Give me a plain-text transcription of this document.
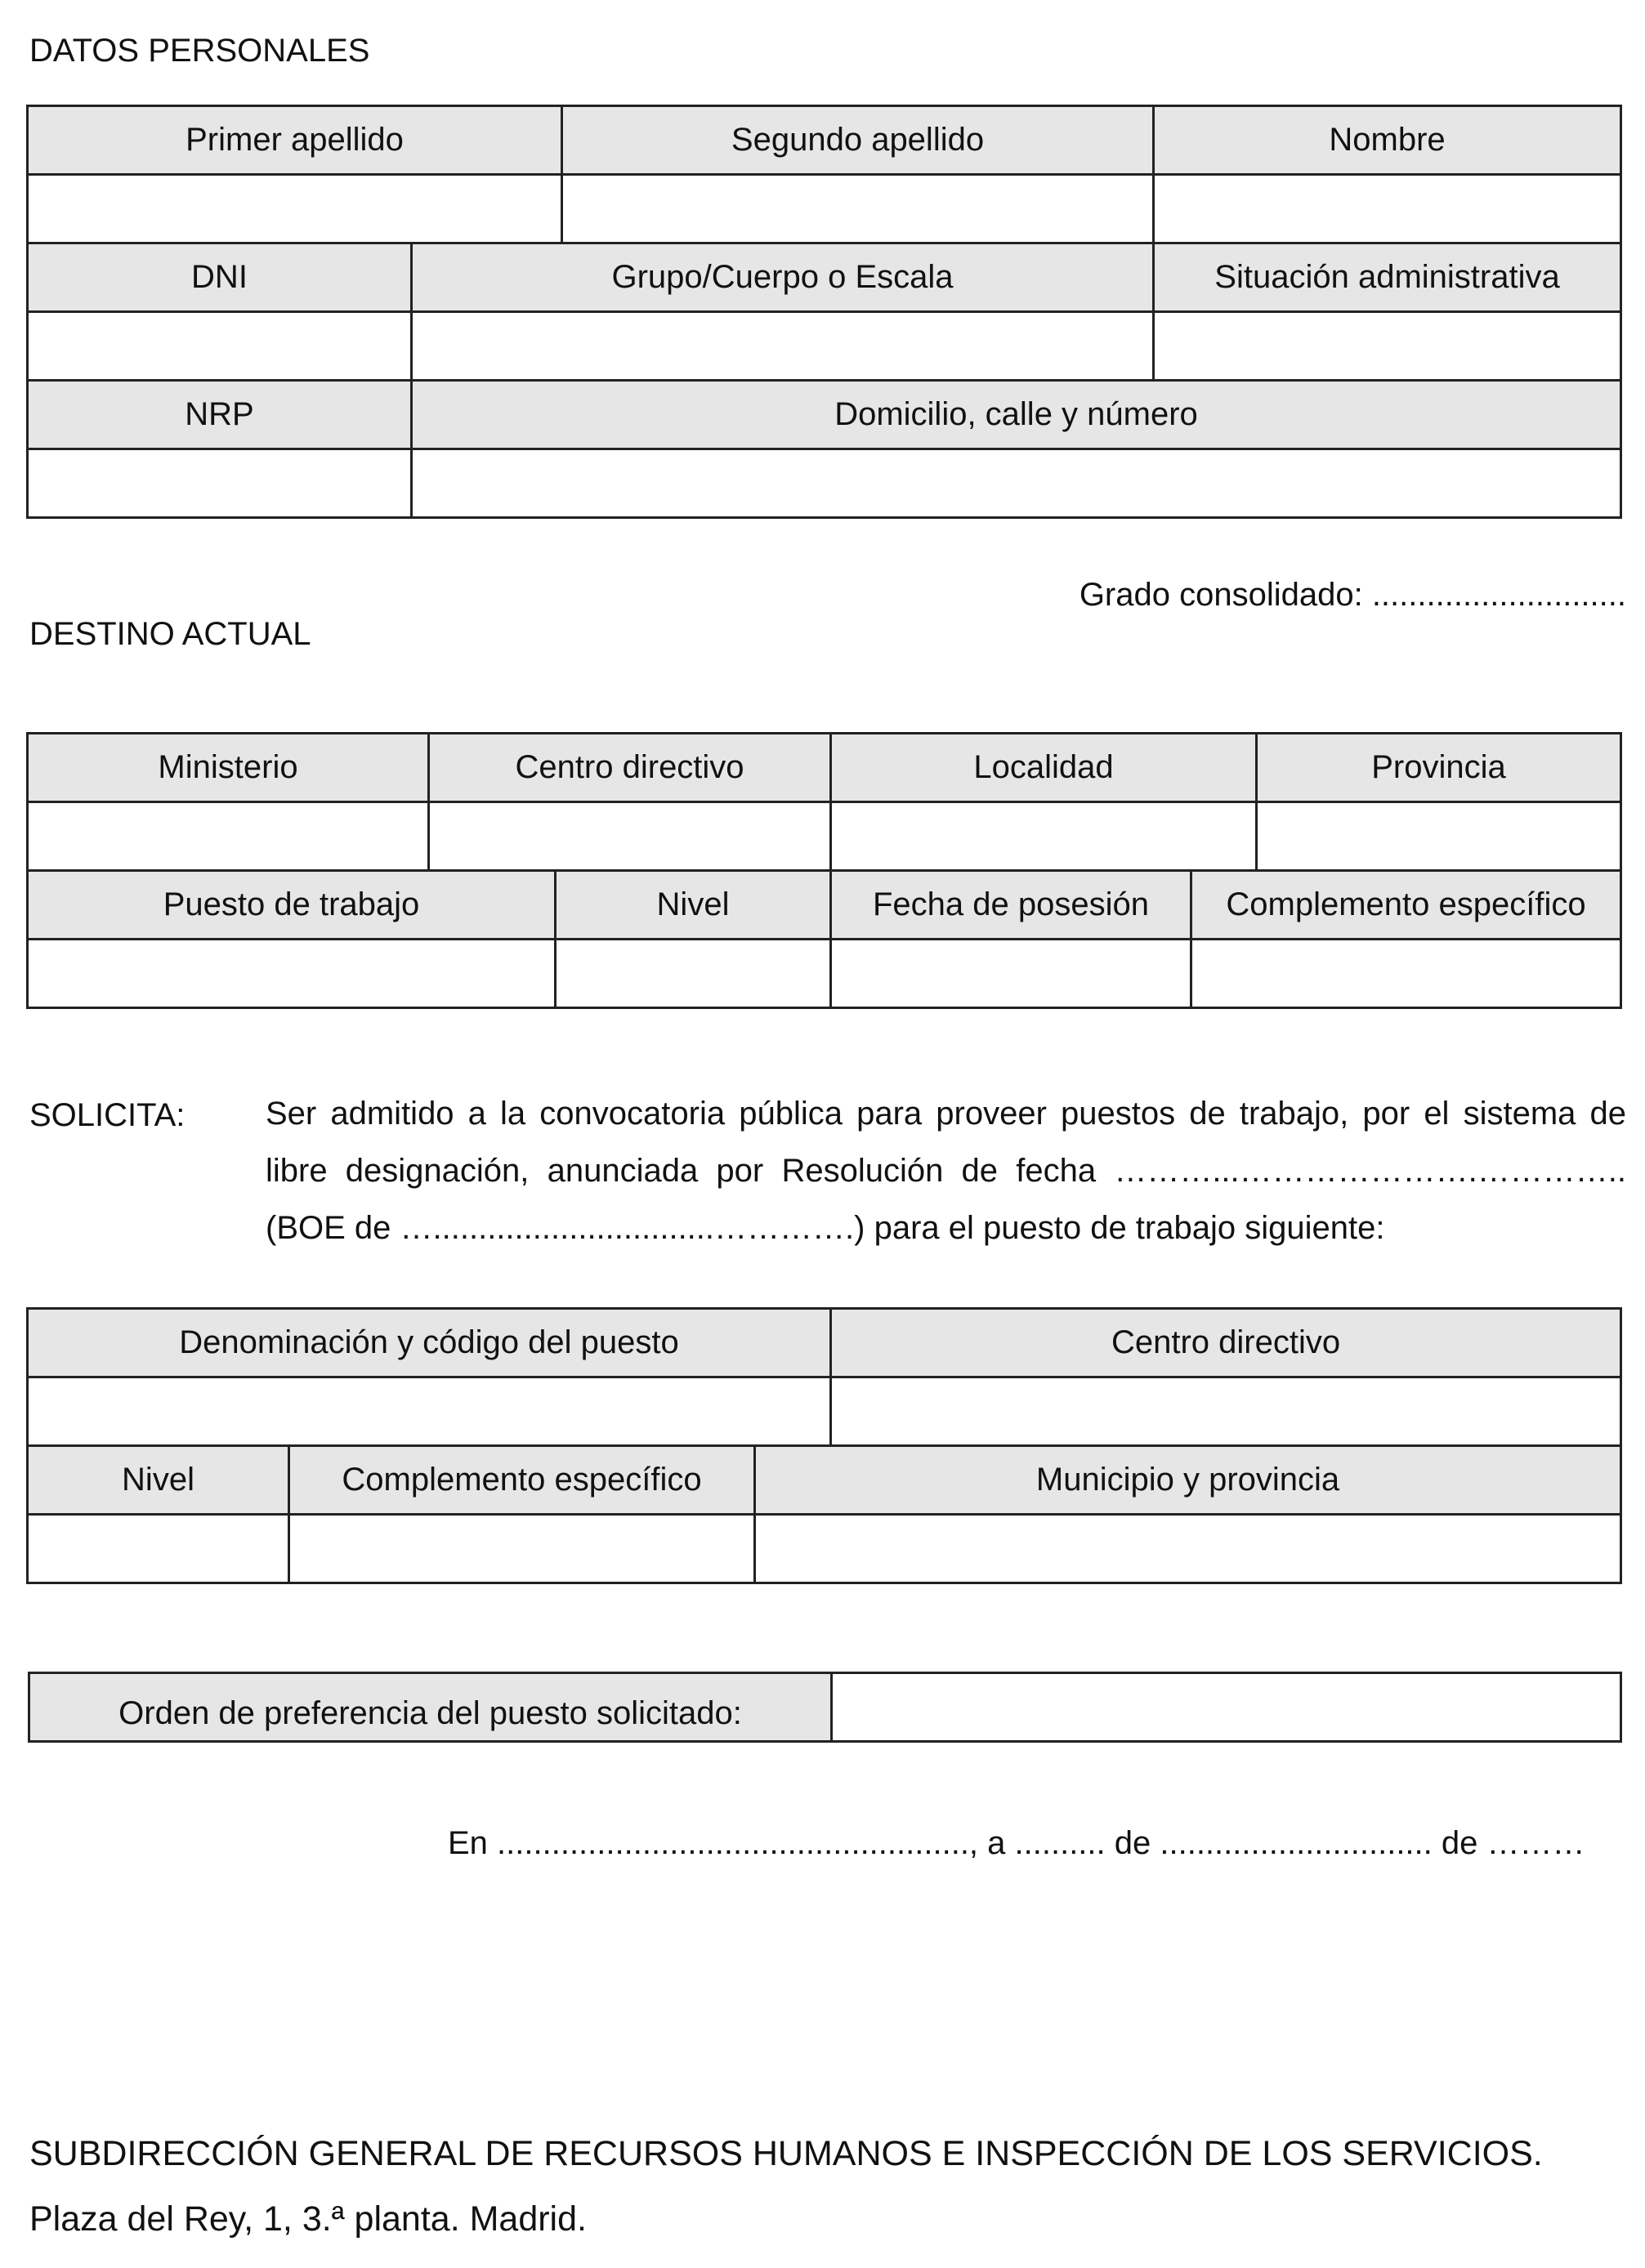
DATOS PERSONALES
Primer apellido		Segundo apellido	Nombre

DNI	Grupo/Cuerpo o Escala		Situación administrativa

NRP	Domicilio, calle y número		

Grado consolidado: ............................
DESTINO ACTUAL
Ministerio	Centro directivo		Localidad		Provincia

Puesto de trabajo		Nivel	Fecha de posesión	Complemento específico	

SOLICITA: Ser admitido a la convocatoria pública para proveer puestos de trabajo, por el sistema de
libre designación, anunciada por Resolución de fecha ………...………………….…………..
(BOE de …...............................………….) para el puesto de trabajo siguiente:
Denominación y código del puesto			Centro directivo

Nivel	Complemento específico	Municipio y provincia	

Orden de preferencia del puesto solicitado:	
En ...................................................., a .......... de .............................. de ………
SUBDIRECCIÓN GENERAL DE RECURSOS HUMANOS E INSPECCIÓN DE LOS SERVICIOS.
Plaza del Rey, 1, 3.ª planta. Madrid.
